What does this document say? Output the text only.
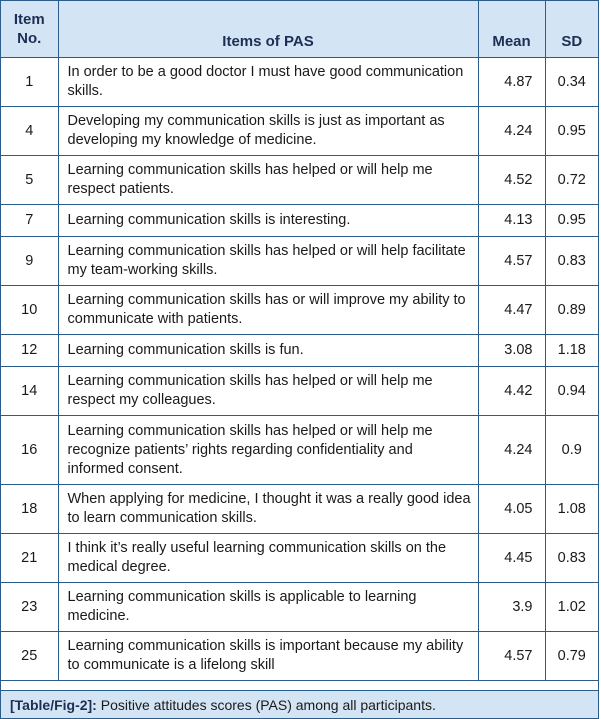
Item No.	Items of PAS	Mean	SD
1	In order to be a good doctor I must have good communication skills.	4.87	0.34
4	Developing my communication skills is just as important as developing my knowledge of medicine.	4.24	0.95
5	Learning communication skills has helped or will help me respect patients.	4.52	0.72
7	Learning communication skills is interesting.	4.13	0.95
9	Learning communication skills has helped or will help facilitate my team-working skills.	4.57	0.83
10	Learning communication skills has or will improve my ability to communicate with patients.	4.47	0.89
12	Learning communication skills is fun.	3.08	1.18
14	Learning communication skills has helped or will help me respect my colleagues.	4.42	0.94
16	Learning communication skills has helped or will help me recognize patients’ rights regarding confidentiality and informed consent.	4.24	0.9
18	When applying for medicine, I thought it was a really good idea to learn communication skills.	4.05	1.08
21	I think it’s really useful learning communication skills on the medical degree.	4.45	0.83
23	Learning communication skills is applicable to learning medicine.	3.9	1.02
25	Learning communication skills is important because my ability to communicate is a lifelong skill	4.57	0.79
[Table/Fig-2]: Positive attitudes scores (PAS) among all participants.
